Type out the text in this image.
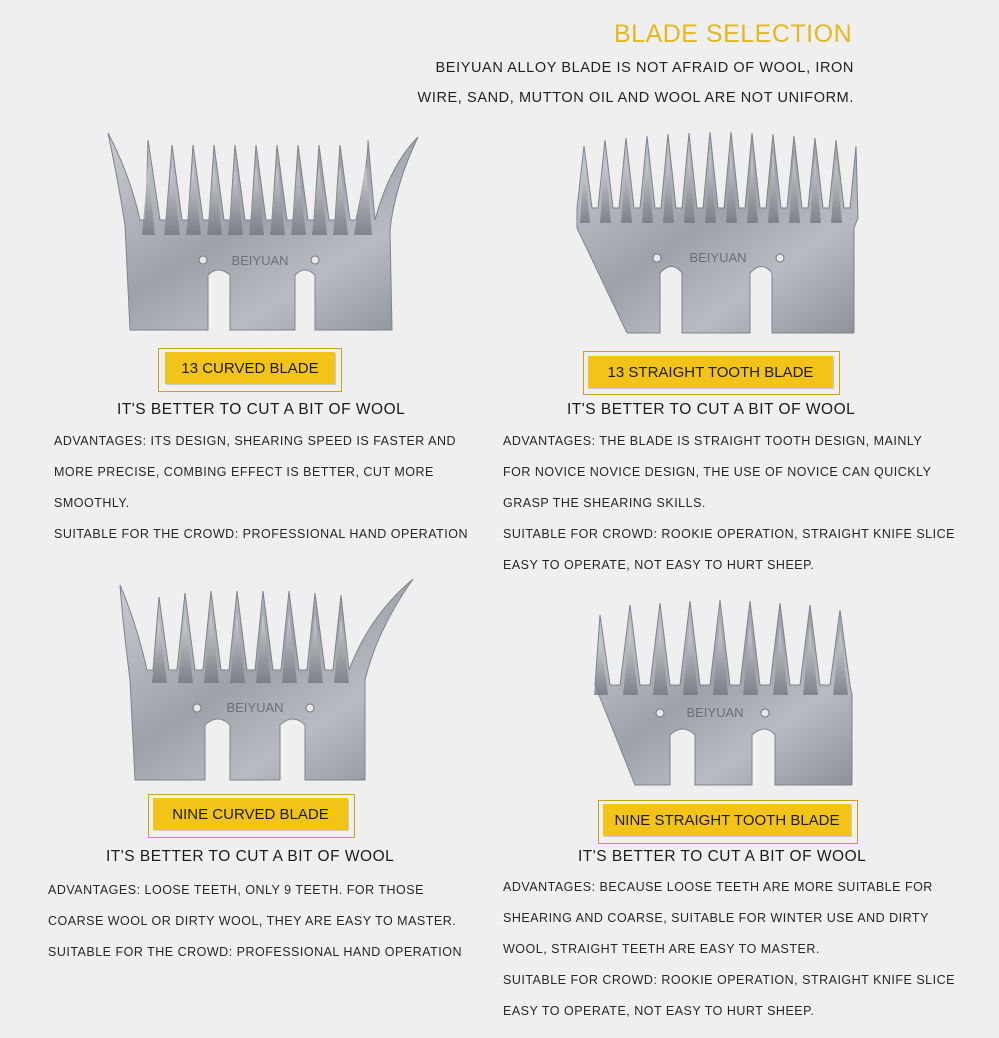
BLADE SELECTION
BEIYUAN ALLOY BLADE IS NOT AFRAID OF WOOL, IRON
WIRE, SAND, MUTTON OIL AND WOOL ARE NOT UNIFORM.
BEIYUAN	BEIYUAN
BEIYUAN	BEIYUAN
13 CURVED BLADE	13 STRAIGHT TOOTH BLADE
NINE CURVED BLADE	NINE STRAIGHT TOOTH BLADE
IT'S BETTER TO CUT A BIT OF WOOL	IT'S BETTER TO CUT A BIT OF WOOL
IT'S BETTER TO CUT A BIT OF WOOL	IT'S BETTER TO CUT A BIT OF WOOL
ADVANTAGES: ITS DESIGN, SHEARING SPEED IS FASTER AND
MORE PRECISE, COMBING EFFECT IS BETTER, CUT MORE
SMOOTHLY.
SUITABLE FOR THE CROWD: PROFESSIONAL HAND OPERATION
ADVANTAGES: THE BLADE IS STRAIGHT TOOTH DESIGN, MAINLY
FOR NOVICE NOVICE DESIGN, THE USE OF NOVICE CAN QUICKLY
GRASP THE SHEARING SKILLS.
SUITABLE FOR CROWD: ROOKIE OPERATION, STRAIGHT KNIFE SLICE
EASY TO OPERATE, NOT EASY TO HURT SHEEP.
ADVANTAGES: LOOSE TEETH, ONLY 9 TEETH. FOR THOSE
COARSE WOOL OR DIRTY WOOL, THEY ARE EASY TO MASTER.
SUITABLE FOR THE CROWD: PROFESSIONAL HAND OPERATION
ADVANTAGES: BECAUSE LOOSE TEETH ARE MORE SUITABLE FOR
SHEARING AND COARSE, SUITABLE FOR WINTER USE AND DIRTY
WOOL, STRAIGHT TEETH ARE EASY TO MASTER.
SUITABLE FOR CROWD: ROOKIE OPERATION, STRAIGHT KNIFE SLICE
EASY TO OPERATE, NOT EASY TO HURT SHEEP.
